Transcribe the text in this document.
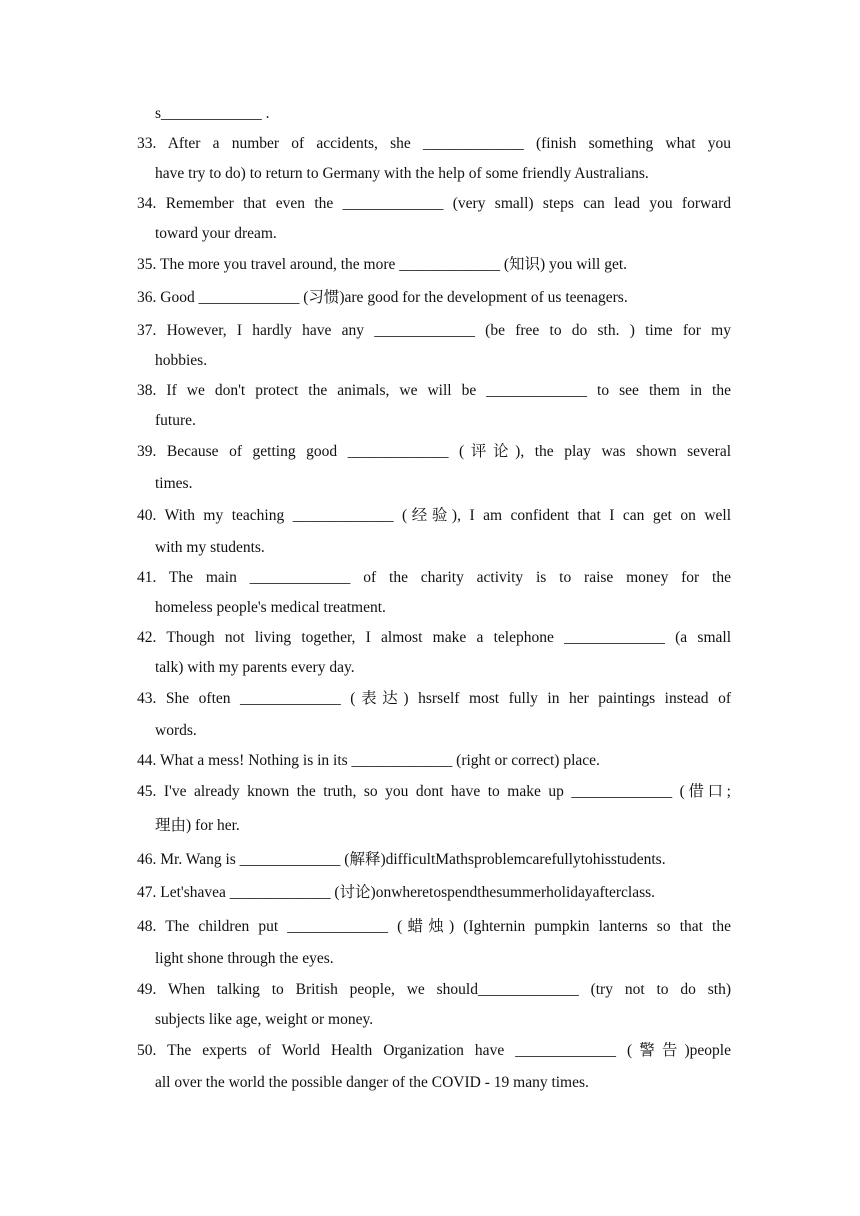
s_____________ .
33. After a number of accidents, she _____________ (finish something what you
have try to do) to return to Germany with the help of some friendly Australians.
34. Remember that even the _____________ (very small) steps can lead you forward
toward your dream.
35. The more you travel around, the more _____________ (知识) you will get.
36. Good _____________ (习惯)are good for the development of us teenagers.
37. However, I hardly have any _____________ (be free to do sth. ) time for my
hobbies.
38. If we don't protect the animals, we will be _____________ to see them in the
future.
39. Because of getting good _____________ (评论), the play was shown several
times.
40. With my teaching _____________ (经验), I am confident that I can get on well
with my students.
41. The main _____________ of the charity activity is to raise money for the
homeless people's medical treatment.
42. Though not living together, I almost make a telephone _____________ (a small
talk) with my parents every day.
43. She often _____________ (表达) hsrself most fully in her paintings instead of
words.
44. What a mess! Nothing is in its _____________ (right or correct) place.
45. I've already known the truth, so you dont have to make up _____________ (借口;
理由) for her.
46. Mr. Wang is _____________ (解释)difficultMathsproblemcarefullytohisstudents.
47. Let'shavea _____________ (讨论)onwheretospendthesummerholidayafterclass.
48. The children put _____________ (蜡烛) (Ighternin pumpkin lanterns so that the
light shone through the eyes.
49. When talking to British people, we should_____________ (try not to do sth)
subjects like age, weight or money.
50. The experts of World Health Organization have _____________ (警告)people
all over the world the possible danger of the COVID - 19 many times.
